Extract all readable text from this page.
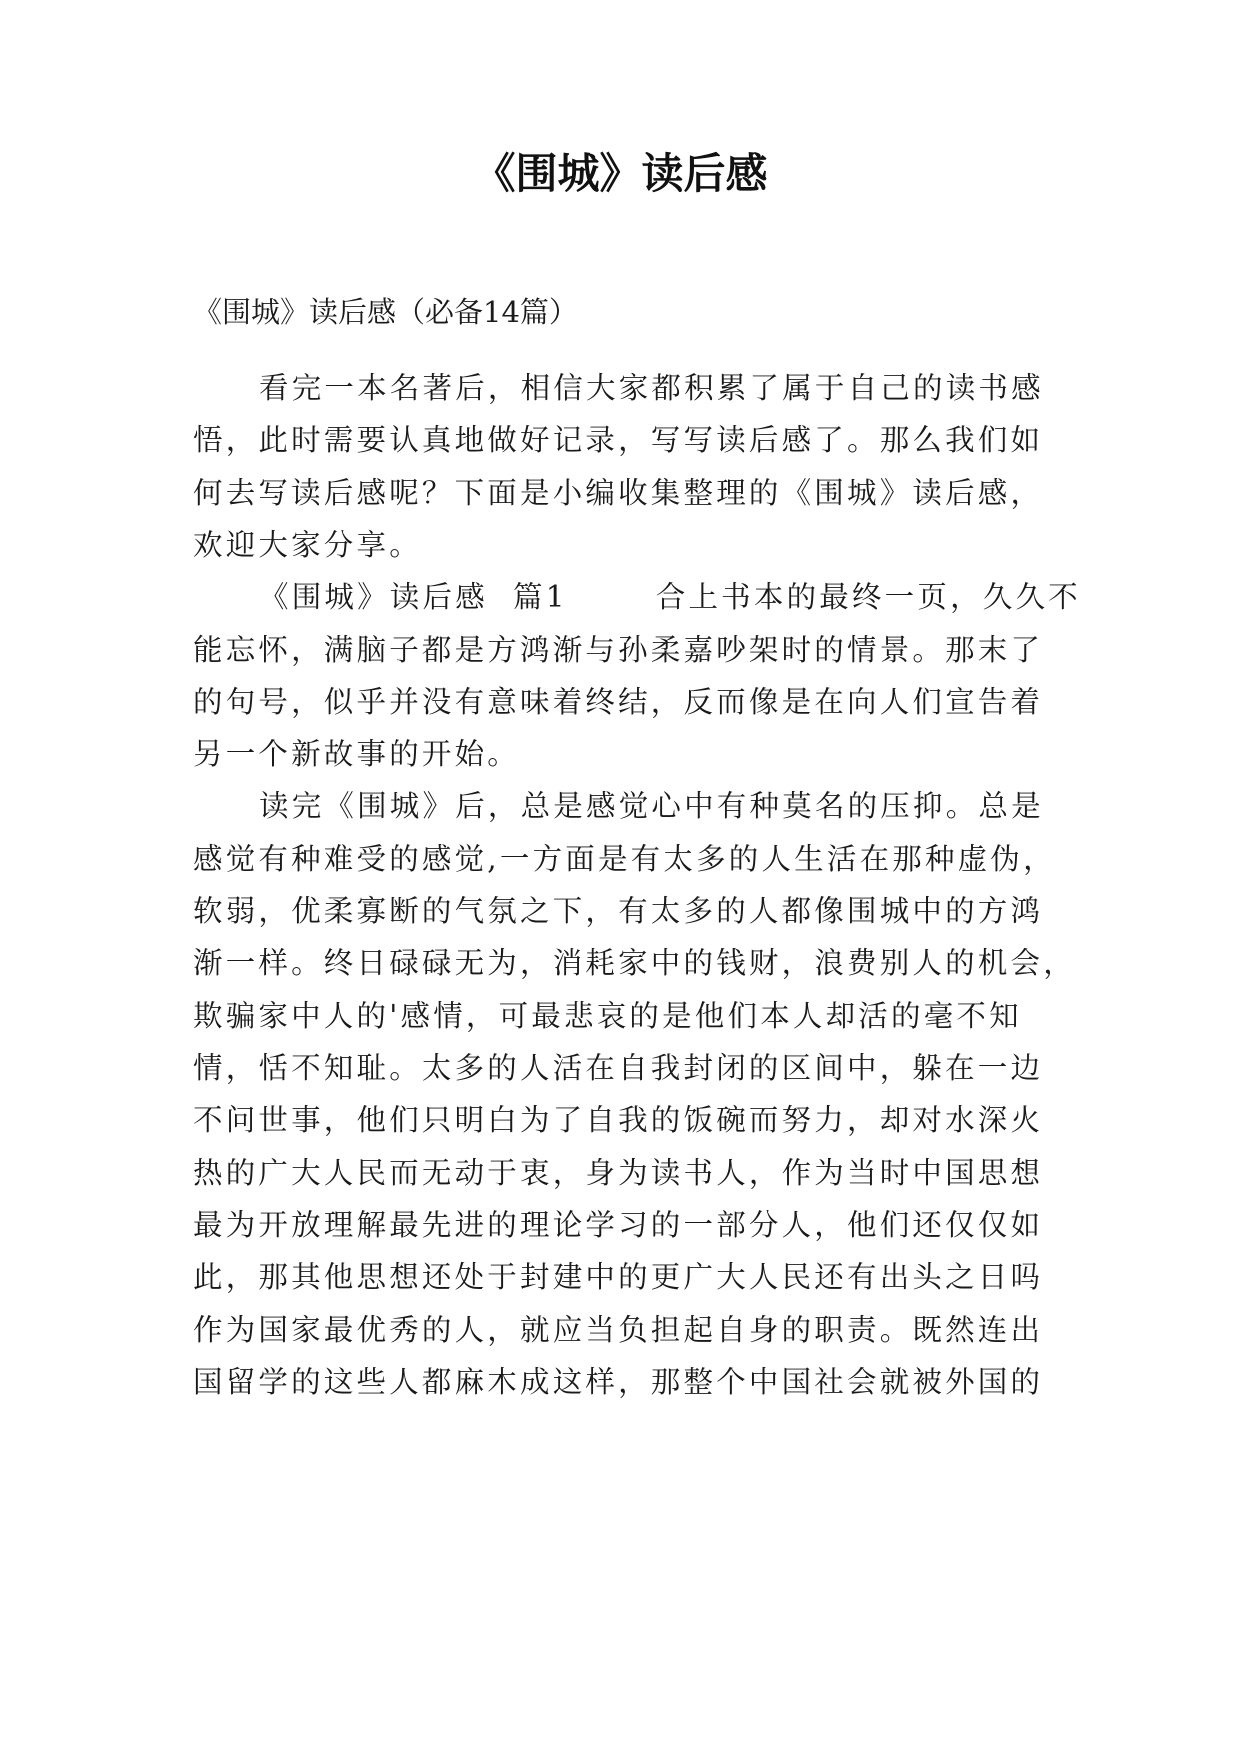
《围城》读后感

《围城》读后感（必备14篇）

看完一本名著后，相信大家都积累了属于自己的读书感

悟，此时需要认真地做好记录，写写读后感了。那么我们如

何去写读后感呢？下面是小编收集整理的《围城》读后感，

欢迎大家分享。

《围城》读后感  篇1       合上书本的最终一页，久久不

能忘怀，满脑子都是方鸿渐与孙柔嘉吵架时的情景。那末了

的句号，似乎并没有意味着终结，反而像是在向人们宣告着

另一个新故事的开始。

读完《围城》后，总是感觉心中有种莫名的压抑。总是

感觉有种难受的感觉,一方面是有太多的人生活在那种虚伪，

软弱，优柔寡断的气氛之下，有太多的人都像围城中的方鸿

渐一样。终日碌碌无为，消耗家中的钱财，浪费别人的机会，

欺骗家中人的'感情，可最悲哀的是他们本人却活的毫不知

情，恬不知耻。太多的人活在自我封闭的区间中，躲在一边

不问世事，他们只明白为了自我的饭碗而努力，却对水深火

热的广大人民而无动于衷，身为读书人，作为当时中国思想

最为开放理解最先进的理论学习的一部分人，他们还仅仅如

此，那其他思想还处于封建中的更广大人民还有出头之日吗

作为国家最优秀的人，就应当负担起自身的职责。既然连出

国留学的这些人都麻木成这样，那整个中国社会就被外国的
